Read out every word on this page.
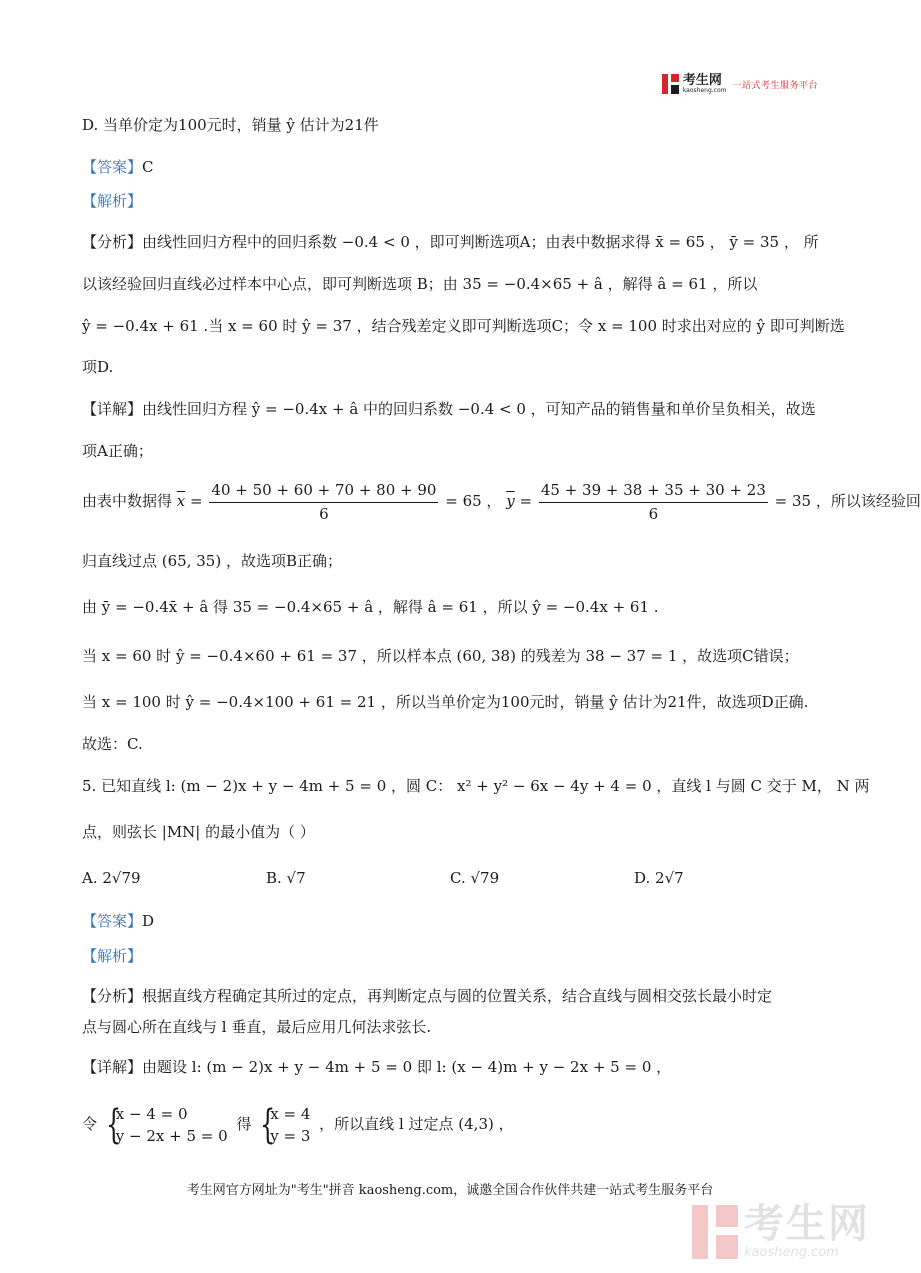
考生网
kaosheng.com 一站式考生服务平台
D. 当单价定为100元时，销量 ŷ 估计为21件
【答案】C
【解析】
【分析】由线性回归方程中的回归系数 −0.4 < 0 ，即可判断选项A；由表中数据求得 x̄ = 65 ， ȳ = 35 ， 所
以该经验回归直线必过样本中心点，即可判断选项 B；由 35 = −0.4×65 + â ，解得 â = 61 ，所以
ŷ = −0.4x + 61 .当 x = 60 时 ŷ = 37 ，结合残差定义即可判断选项C；令 x = 100 时求出对应的 ŷ 即可判断选
项D.
【详解】由线性回归方程 ŷ = −0.4x + â 中的回归系数 −0.4 < 0 ，可知产品的销售量和单价呈负相关，故选
项A正确；
由表中数据得 $\overline{x} = \frac{40 + 50 + 60 + 70 + 80 + 90}{6} = 65$ ， $\overline{y} = \frac{45 + 39 + 38 + 35 + 30 + 23}{6} = 35$ ，所以该经验回
归直线过点 (65, 35) ，故选项B正确；
由 ȳ = −0.4x̄ + â 得 35 = −0.4×65 + â ，解得 â = 61 ，所以 ŷ = −0.4x + 61 .
当 x = 60 时 ŷ = −0.4×60 + 61 = 37 ，所以样本点 (60, 38) 的残差为 38 − 37 = 1 ，故选项C错误；
当 x = 100 时 ŷ = −0.4×100 + 61 = 21 ，所以当单价定为100元时，销量 ŷ 估计为21件，故选项D正确.
故选：C.
5. 已知直线 l: (m − 2)x + y − 4m + 5 = 0 ，圆 C： x² + y² − 6x − 4y + 4 = 0 ，直线 l 与圆 C 交于 M， N 两
点，则弦长 |MN| 的最小值为（ ）
A. 2√79	B. √7	C. √79	D. 2√7
【答案】D
【解析】
【分析】根据直线方程确定其所过的定点，再判断定点与圆的位置关系，结合直线与圆相交弦长最小时定
点与圆心所在直线与 l 垂直，最后应用几何法求弦长.
【详解】由题设 l: (m − 2)x + y − 4m + 5 = 0 即 l: (x − 4)m + y − 2x + 5 = 0 ，
令 {
x − 4 = 0
y − 2x + 5 = 0
得 {
x = 4
y = 3
，所以直线 l 过定点 (4,3) ，
考生网官方网址为"考生"拼音 kaosheng.com，诚邀全国合作伙伴共建一站式考生服务平台
考生网
kaosheng.com
